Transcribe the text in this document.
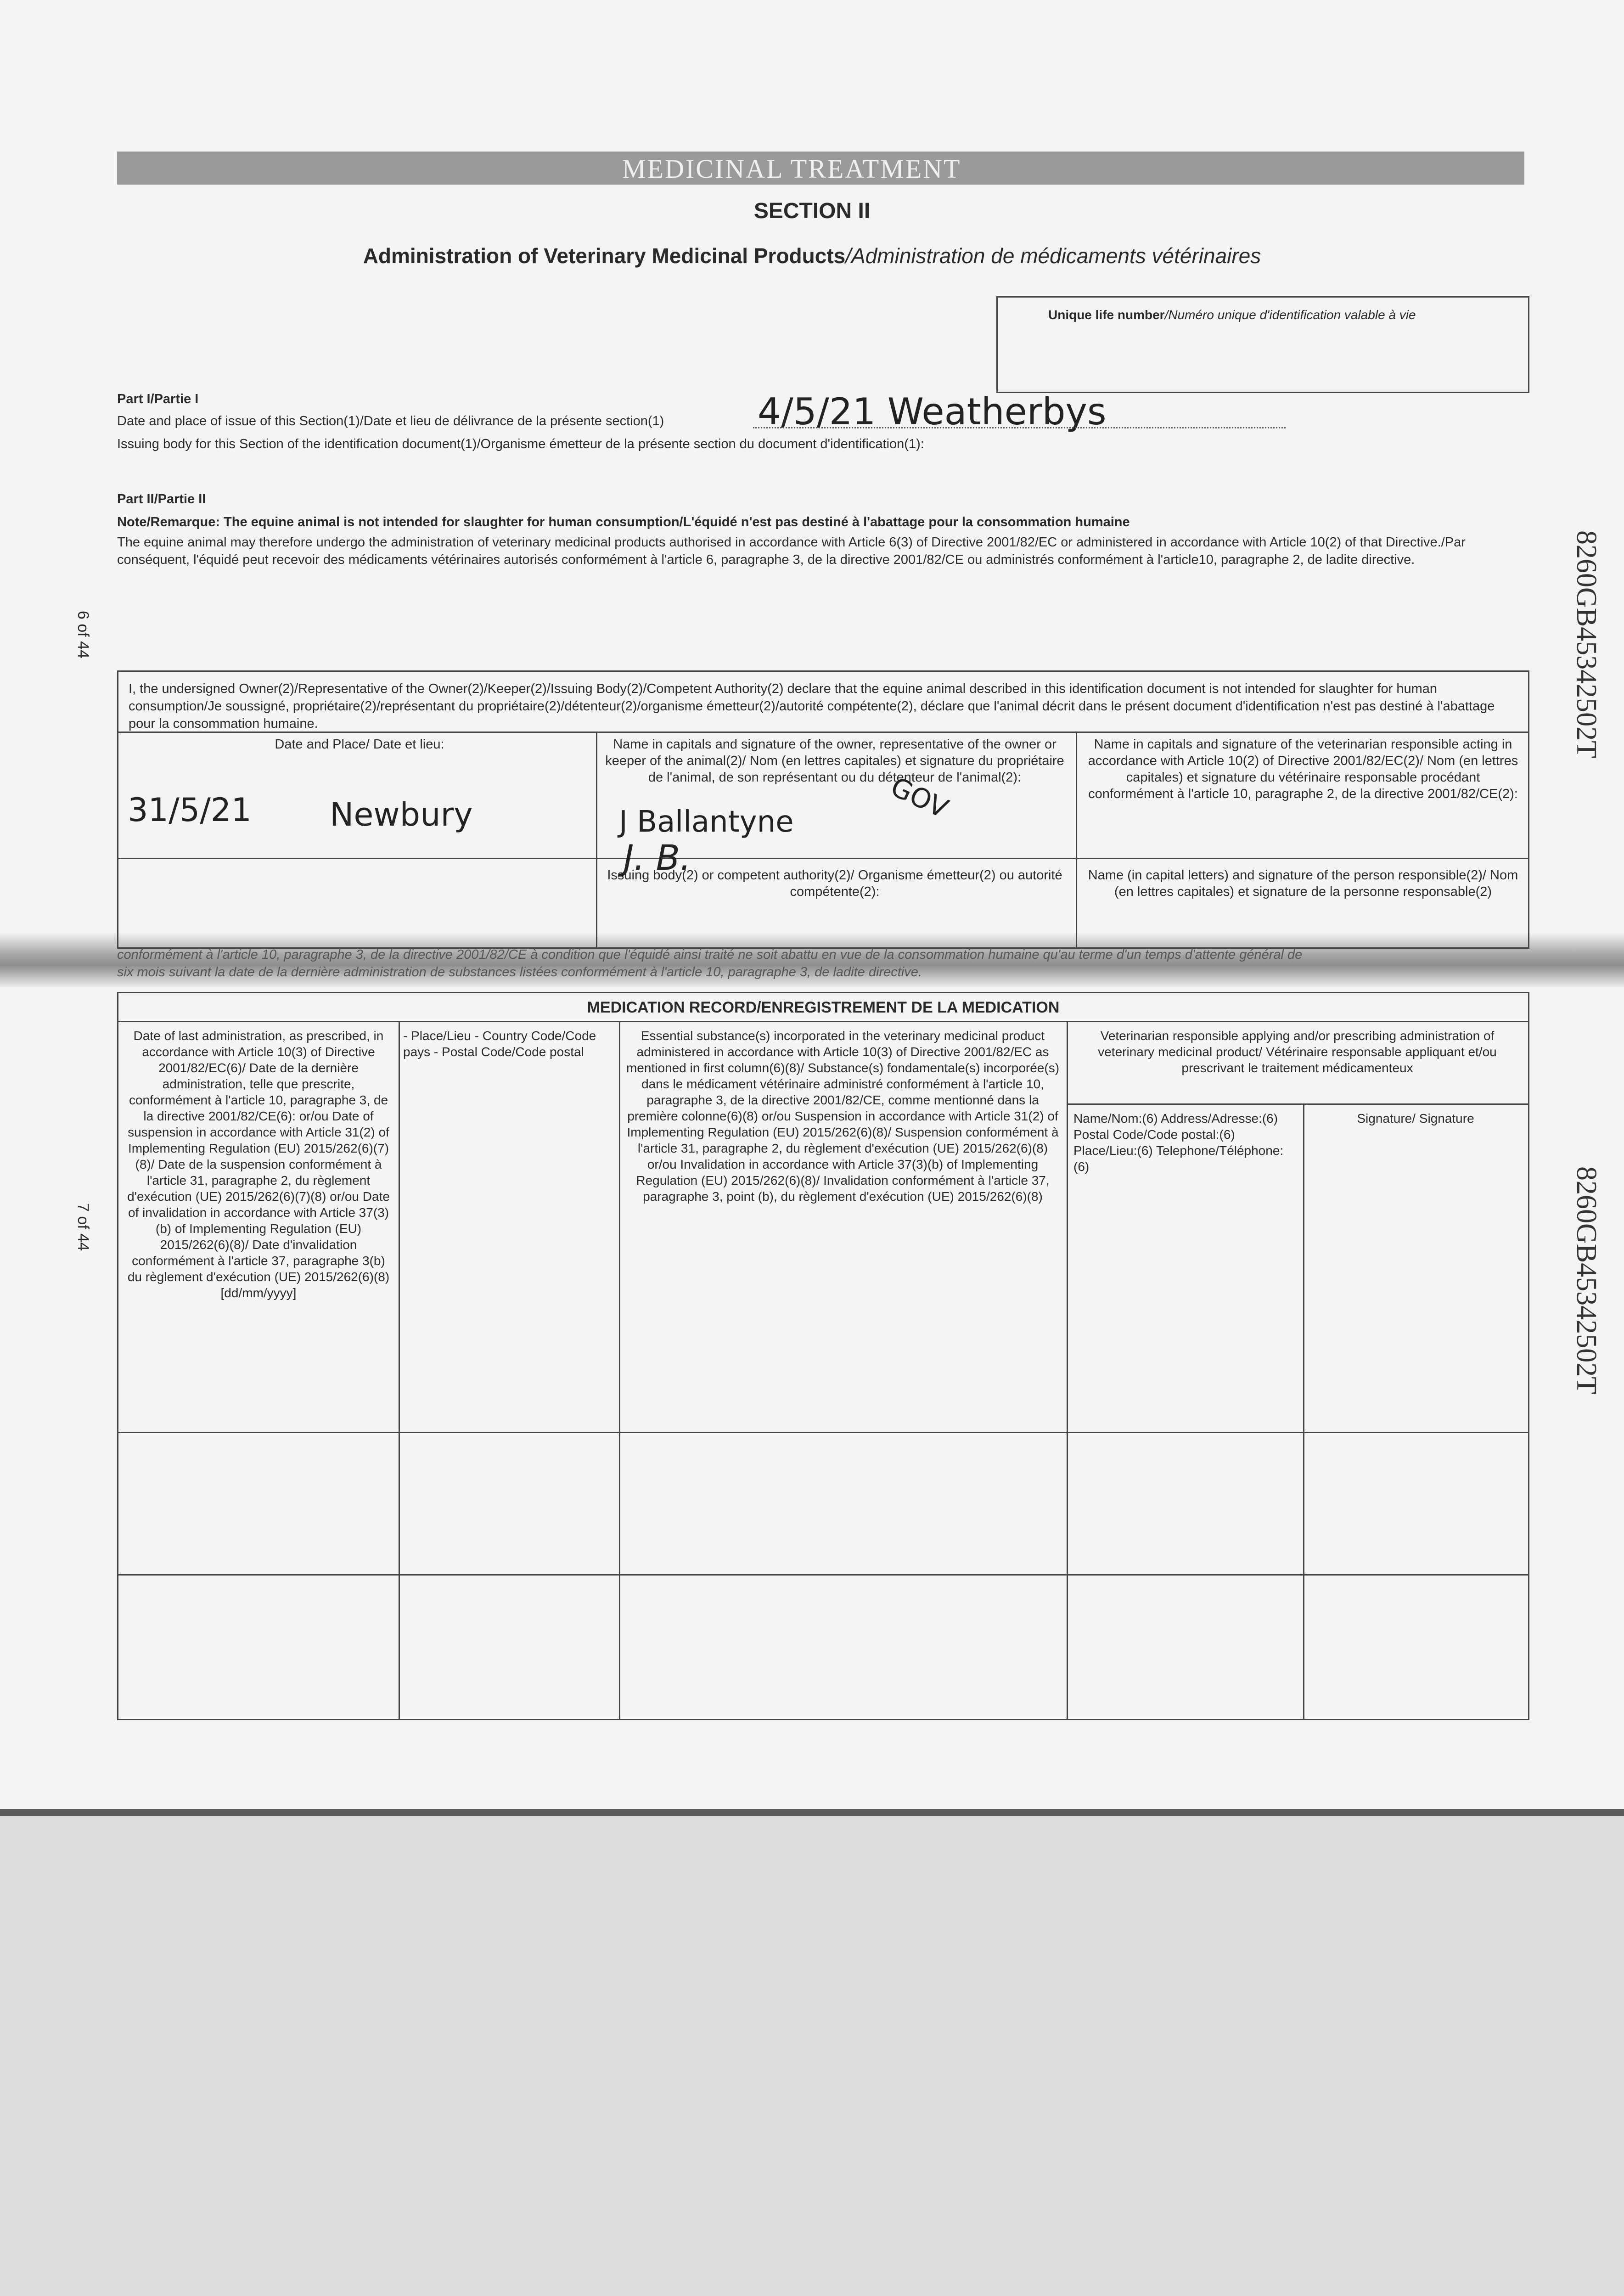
MEDICINAL TREATMENT
SECTION II
Administration of Veterinary Medicinal Products/Administration de médicaments vétérinaires
Unique life number/Numéro unique d'identification valable à vie
Part I/Partie I
Date and place of issue of this Section(1)/Date et lieu de délivrance de la présente section(1)	4/5/21 Weatherbys
Issuing body for this Section of the identification document(1)/Organisme émetteur de la présente section du document d'identification(1):
Part II/Partie II
Note/Remarque: The equine animal is not intended for slaughter for human consumption/L'équidé n'est pas destiné à l'abattage pour la consommation humaine
The equine animal may therefore undergo the administration of veterinary medicinal products authorised in accordance with Article 6(3) of Directive 2001/82/EC or administered in accordance with Article 10(2) of that Directive./Par conséquent, l'équidé peut recevoir des médicaments vétérinaires autorisés conformément à l'article 6, paragraphe 3, de la directive 2001/82/CE ou administrés conformément à l'article10, paragraphe 2, de ladite directive.
I, the undersigned Owner(2)/Representative of the Owner(2)/Keeper(2)/Issuing Body(2)/Competent Authority(2) declare that the equine animal described in this identification document is not intended for slaughter for human consumption/Je soussigné, propriétaire(2)/représentant du propriétaire(2)/détenteur(2)/organisme émetteur(2)/autorité compétente(2), déclare que l'animal décrit dans le présent document d'identification n'est pas destiné à l'abattage pour la consommation humaine.
Date and Place/ Date et lieu:
31/5/21 Newbury
Name in capitals and signature of the owner, representative of the owner or keeper of the animal(2)/ Nom (en lettres capitales) et signature du propriétaire de l'animal, de son représentant ou du détenteur de l'animal(2):
J Ballantyne
J. B.
GOV
Name in capitals and signature of the veterinarian responsible acting in accordance with Article 10(2) of Directive 2001/82/EC(2)/ Nom (en lettres capitales) et signature du vétérinaire responsable procédant conformément à l'article 10, paragraphe 2, de la directive 2001/82/CE(2):
Issuing body(2) or competent authority(2)/ Organisme émetteur(2) ou autorité compétente(2):
Name (in capital letters) and signature of the person responsible(2)/ Nom (en lettres capitales) et signature de la personne responsable(2)
conformément à l'article 10, paragraphe 3, de la directive 2001/82/CE à condition que l'équidé ainsi traité ne soit abattu en vue de la consommation humaine qu'au terme d'un temps d'attente général de
six mois suivant la date de la dernière administration de substances listées conformément à l'article 10, paragraphe 3, de ladite directive.
MEDICATION RECORD/ENREGISTREMENT DE LA MEDICATION
Date of last administration, as prescribed, in accordance with Article 10(3) of Directive 2001/82/EC(6)/ Date de la dernière administration, telle que prescrite, conformément à l'article 10, paragraphe 3, de la directive 2001/82/CE(6): or/ou Date of suspension in accordance with Article 31(2) of Implementing Regulation (EU) 2015/262(6)(7)(8)/ Date de la suspension conformément à l'article 31, paragraphe 2, du règlement d'exécution (UE) 2015/262(6)(7)(8) or/ou Date of invalidation in accordance with Article 37(3)(b) of Implementing Regulation (EU) 2015/262(6)(8)/ Date d'invalidation conformément à l'article 37, paragraphe 3(b) du règlement d'exécution (UE) 2015/262(6)(8) [dd/mm/yyyy]
- Place/Lieu - Country Code/Code pays - Postal Code/Code postal
Essential substance(s) incorporated in the veterinary medicinal product administered in accordance with Article 10(3) of Directive 2001/82/EC as mentioned in first column(6)(8)/ Substance(s) fondamentale(s) incorporée(s) dans le médicament vétérinaire administré conformément à l'article 10, paragraphe 3, de la directive 2001/82/CE, comme mentionné dans la première colonne(6)(8) or/ou Suspension in accordance with Article 31(2) of Implementing Regulation (EU) 2015/262(6)(8)/ Suspension conformément à l'article 31, paragraphe 2, du règlement d'exécution (UE) 2015/262(6)(8) or/ou Invalidation in accordance with Article 37(3)(b) of Implementing Regulation (EU) 2015/262(6)(8)/ Invalidation conformément à l'article 37, paragraphe 3, point (b), du règlement d'exécution (UE) 2015/262(6)(8)
Veterinarian responsible applying and/or prescribing administration of veterinary medicinal product/ Vétérinaire responsable appliquant et/ou prescrivant le traitement médicamenteux
Name/Nom:(6) Address/Adresse:(6) Postal Code/Code postal:(6) Place/Lieu:(6) Telephone/Téléphone:(6)
Signature/ Signature
8260GB45342502T
8260GB45342502T
6 of 44
7 of 44
